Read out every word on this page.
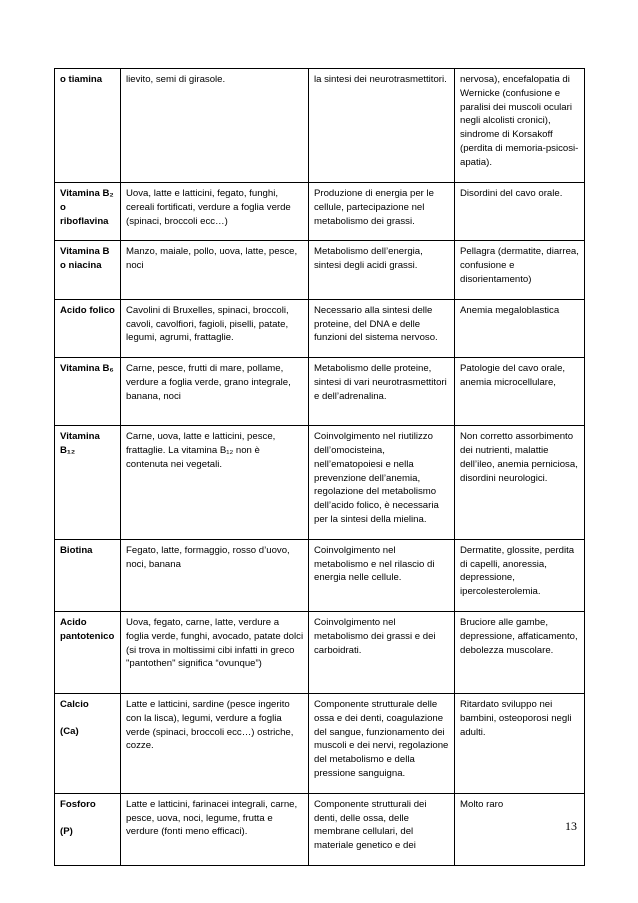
o tiamina	lievito, semi di girasole.	la sintesi dei neurotrasmettitori.	nervosa), encefalopatia di Wernicke (confusione e paralisi dei muscoli oculari negli alcolisti cronici), sindrome di Korsakoff (perdita di memoria-psicosi-apatia).

Vitamina B₂
o
riboflavina	Uova, latte e latticini, fegato, funghi, cereali fortificati, verdure a foglia verde (spinaci, broccoli ecc…)	Produzione di energia per le cellule, partecipazione nel metabolismo dei grassi.	Disordini del cavo orale.

Vitamina B
o niacina	Manzo, maiale, pollo, uova, latte, pesce, noci	Metabolismo dell’energia, sintesi degli acidi grassi.	Pellagra (dermatite, diarrea, confusione e disorientamento)

Acido folico	Cavolini di Bruxelles, spinaci, broccoli, cavoli, cavolfiori, fagioli, piselli, patate, legumi, agrumi, frattaglie.	Necessario alla sintesi delle proteine, del DNA e delle funzioni del sistema nervoso.	Anemia megaloblastica

Vitamina B₆	Carne, pesce, frutti di mare, pollame, verdure a foglia verde, grano integrale, banana, noci	Metabolismo delle proteine, sintesi di vari neurotrasmettitori e dell’adrenalina.	Patologie del cavo orale, anemia microcellulare,

Vitamina
B₁₂	Carne, uova, latte e latticini, pesce, frattaglie. La vitamina B₁₂ non è contenuta nei vegetali.	Coinvolgimento nel riutilizzo dell’omocisteina, nell’ematopoiesi e nella prevenzione dell’anemia, regolazione del metabolismo dell’acido folico, è necessaria per la sintesi della mielina.	Non corretto assorbimento dei nutrienti, malattie dell’ileo, anemia perniciosa, disordini neurologici.

Biotina	Fegato, latte, formaggio, rosso d’uovo, noci, banana	Coinvolgimento nel metabolismo e nel rilascio di energia nelle cellule.	Dermatite, glossite, perdita di capelli, anoressia, depressione, ipercolesterolemia.

Acido
pantotenico	Uova, fegato, carne, latte, verdure a foglia verde, funghi, avocado, patate dolci (si trova in moltissimi cibi infatti in greco "pantothen" significa “ovunque”)	Coinvolgimento nel metabolismo dei grassi e dei carboidrati.	Bruciore alle gambe, depressione, affaticamento, debolezza muscolare.

Calcio
(Ca)	Latte e latticini, sardine (pesce ingerito con la lisca), legumi, verdure a foglia verde (spinaci, broccoli ecc…) ostriche, cozze.	Componente strutturale delle ossa e dei denti, coagulazione del sangue, funzionamento dei muscoli e dei nervi, regolazione del metabolismo e della pressione sanguigna.	Ritardato sviluppo nei bambini, osteoporosi negli adulti.

Fosforo
(P)	Latte e latticini, farinacei integrali, carne, pesce, uova, noci, legume, frutta e verdure (fonti meno efficaci).	Componente strutturali dei denti, delle ossa, delle membrane cellulari, del materiale genetico e dei	Molto raro
13
